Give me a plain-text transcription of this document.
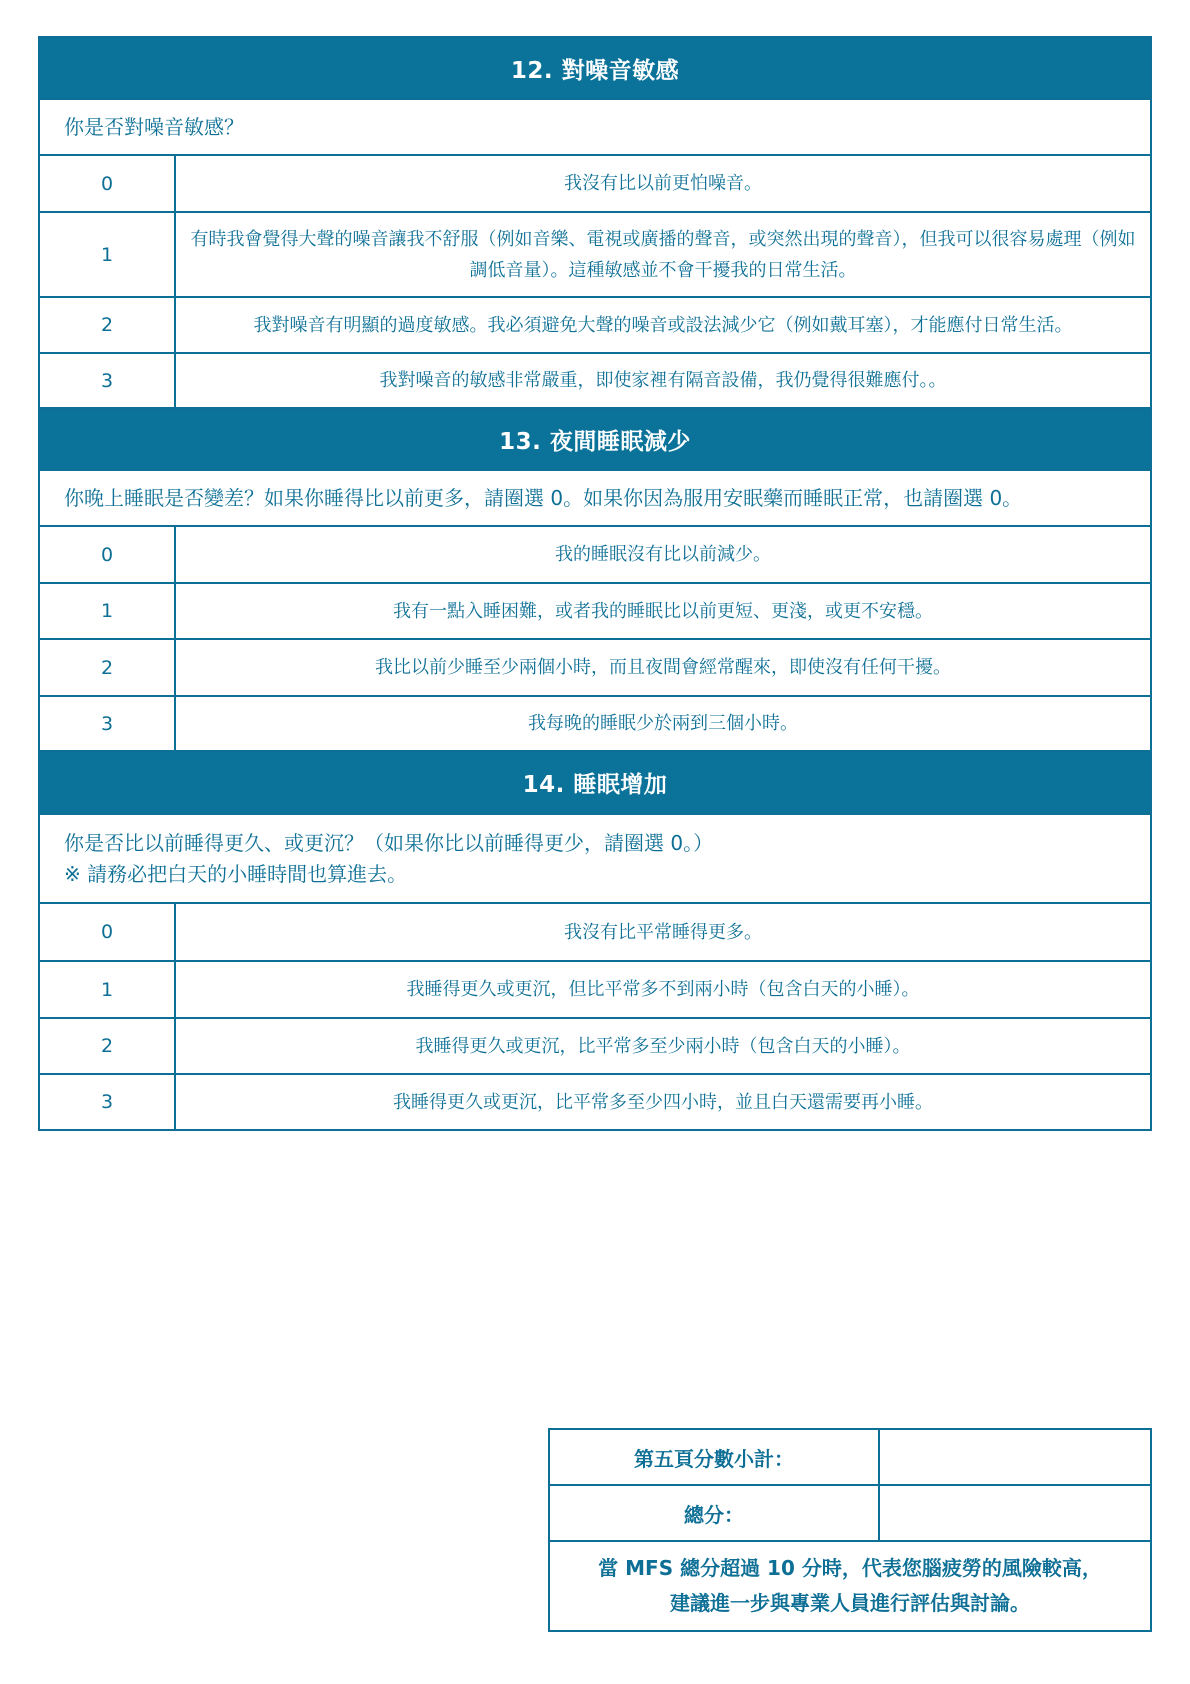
12. 對噪音敏感	
你是否對噪音敏感？	
0	我沒有比以前更怕噪音。
1	有時我會覺得大聲的噪音讓我不舒服（例如音樂、電視或廣播的聲音，或突然出現的聲音），但我可以很容易處理（例如調低音量）。這種敏感並不會干擾我的日常生活。
2	我對噪音有明顯的過度敏感。我必須避免大聲的噪音或設法減少它（例如戴耳塞），才能應付日常生活。
3	我對噪音的敏感非常嚴重，即使家裡有隔音設備，我仍覺得很難應付。。
13. 夜間睡眠減少	
你晚上睡眠是否變差？如果你睡得比以前更多，請圈選 0。如果你因為服用安眠藥而睡眠正常，也請圈選 0。	
0	我的睡眠沒有比以前減少。
1	我有一點入睡困難，或者我的睡眠比以前更短、更淺，或更不安穩。
2	我比以前少睡至少兩個小時，而且夜間會經常醒來，即使沒有任何干擾。
3	我每晚的睡眠少於兩到三個小時。
14. 睡眠增加	

你是否比以前睡得更久、或更沉？（如果你比以前睡得更少，請圈選 0。）
※ 請務必把白天的小睡時間也算進去。	

0	我沒有比平常睡得更多。
1	我睡得更久或更沉，但比平常多不到兩小時（包含白天的小睡）。
2	我睡得更久或更沉，比平常多至少兩小時（包含白天的小睡）。
3	我睡得更久或更沉，比平常多至少四小時，並且白天還需要再小睡。
第五頁分數小計：	
總分：	

當 MFS 總分超過 10 分時，代表您腦疲勞的風險較高，
建議進一步與專業人員進行評估與討論。	
